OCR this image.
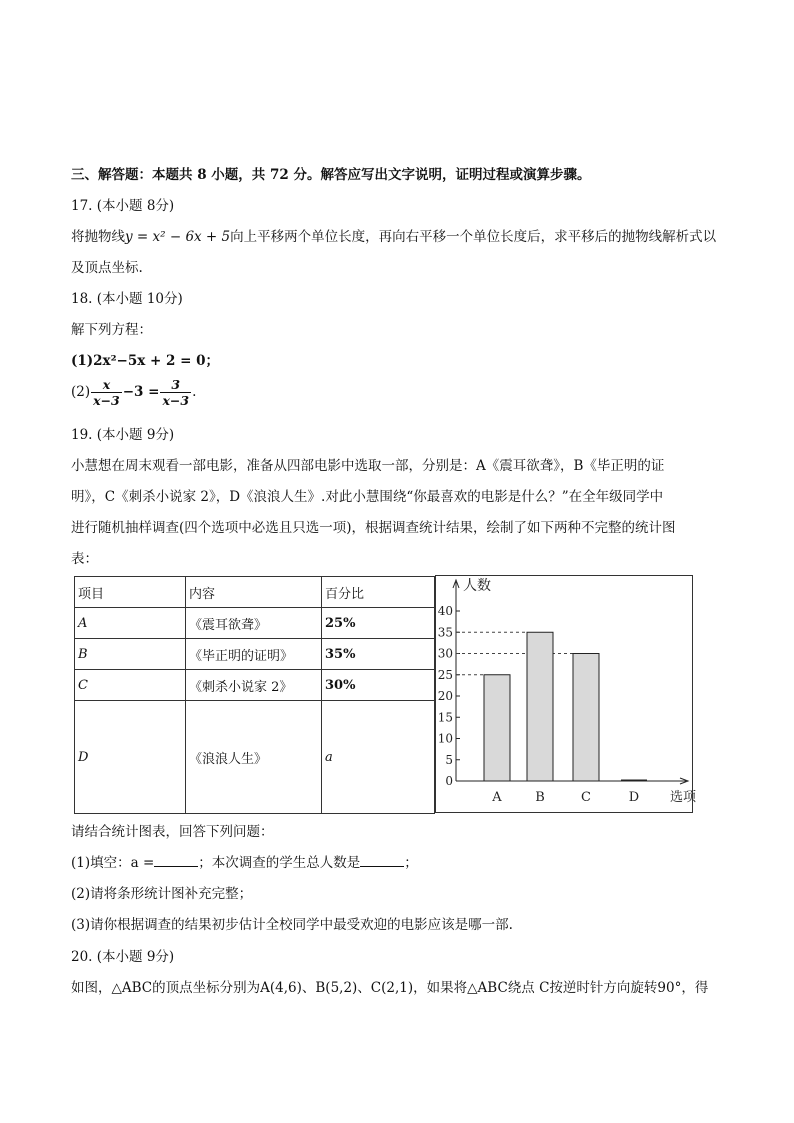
三、解答题：本题共 8 小题，共 72 分。解答应写出文字说明，证明过程或演算步骤。
17. (本小题 8分)
将抛物线y = x² − 6x + 5向上平移两个单位长度，再向右平移一个单位长度后，求平移后的抛物线解析式以
及顶点坐标.
18. (本小题 10分)
解下列方程：
(1)2x²−5x + 2 = 0；
$(2) \frac{x}{x-3} -3 = \frac{3}{x-3}$ .
19. (本小题 9分)
小慧想在周末观看一部电影，准备从四部电影中选取一部，分别是：A《震耳欲聋》，B《毕正明的证
明》，C《刺杀小说家 2》，D《浪浪人生》.对此小慧围绕“你最喜欢的电影是什么？”在全年级同学中
进行随机抽样调查(四个选项中必选且只选一项)，根据调查统计结果，绘制了如下两种不完整的统计图
表：
项目	内容	百分比
A	《震耳欲聋》	25%
B	《毕正明的证明》	35%
C	《刺杀小说家 2》	30%
D	《浪浪人生》	a
人数
选项
0
5
10
15
20
25
30
35
40
A	B	C	D
请结合统计图表，回答下列问题：
(1)填空：a =	；本次调查的学生总人数是	；
(2)请将条形统计图补充完整；
(3)请你根据调查的结果初步估计全校同学中最受欢迎的电影应该是哪一部.
20. (本小题 9分)
如图，△ABC的顶点坐标分别为A(4,6)、B(5,2)、C(2,1)，如果将△ABC绕点 C按逆时针方向旋转90°，得
